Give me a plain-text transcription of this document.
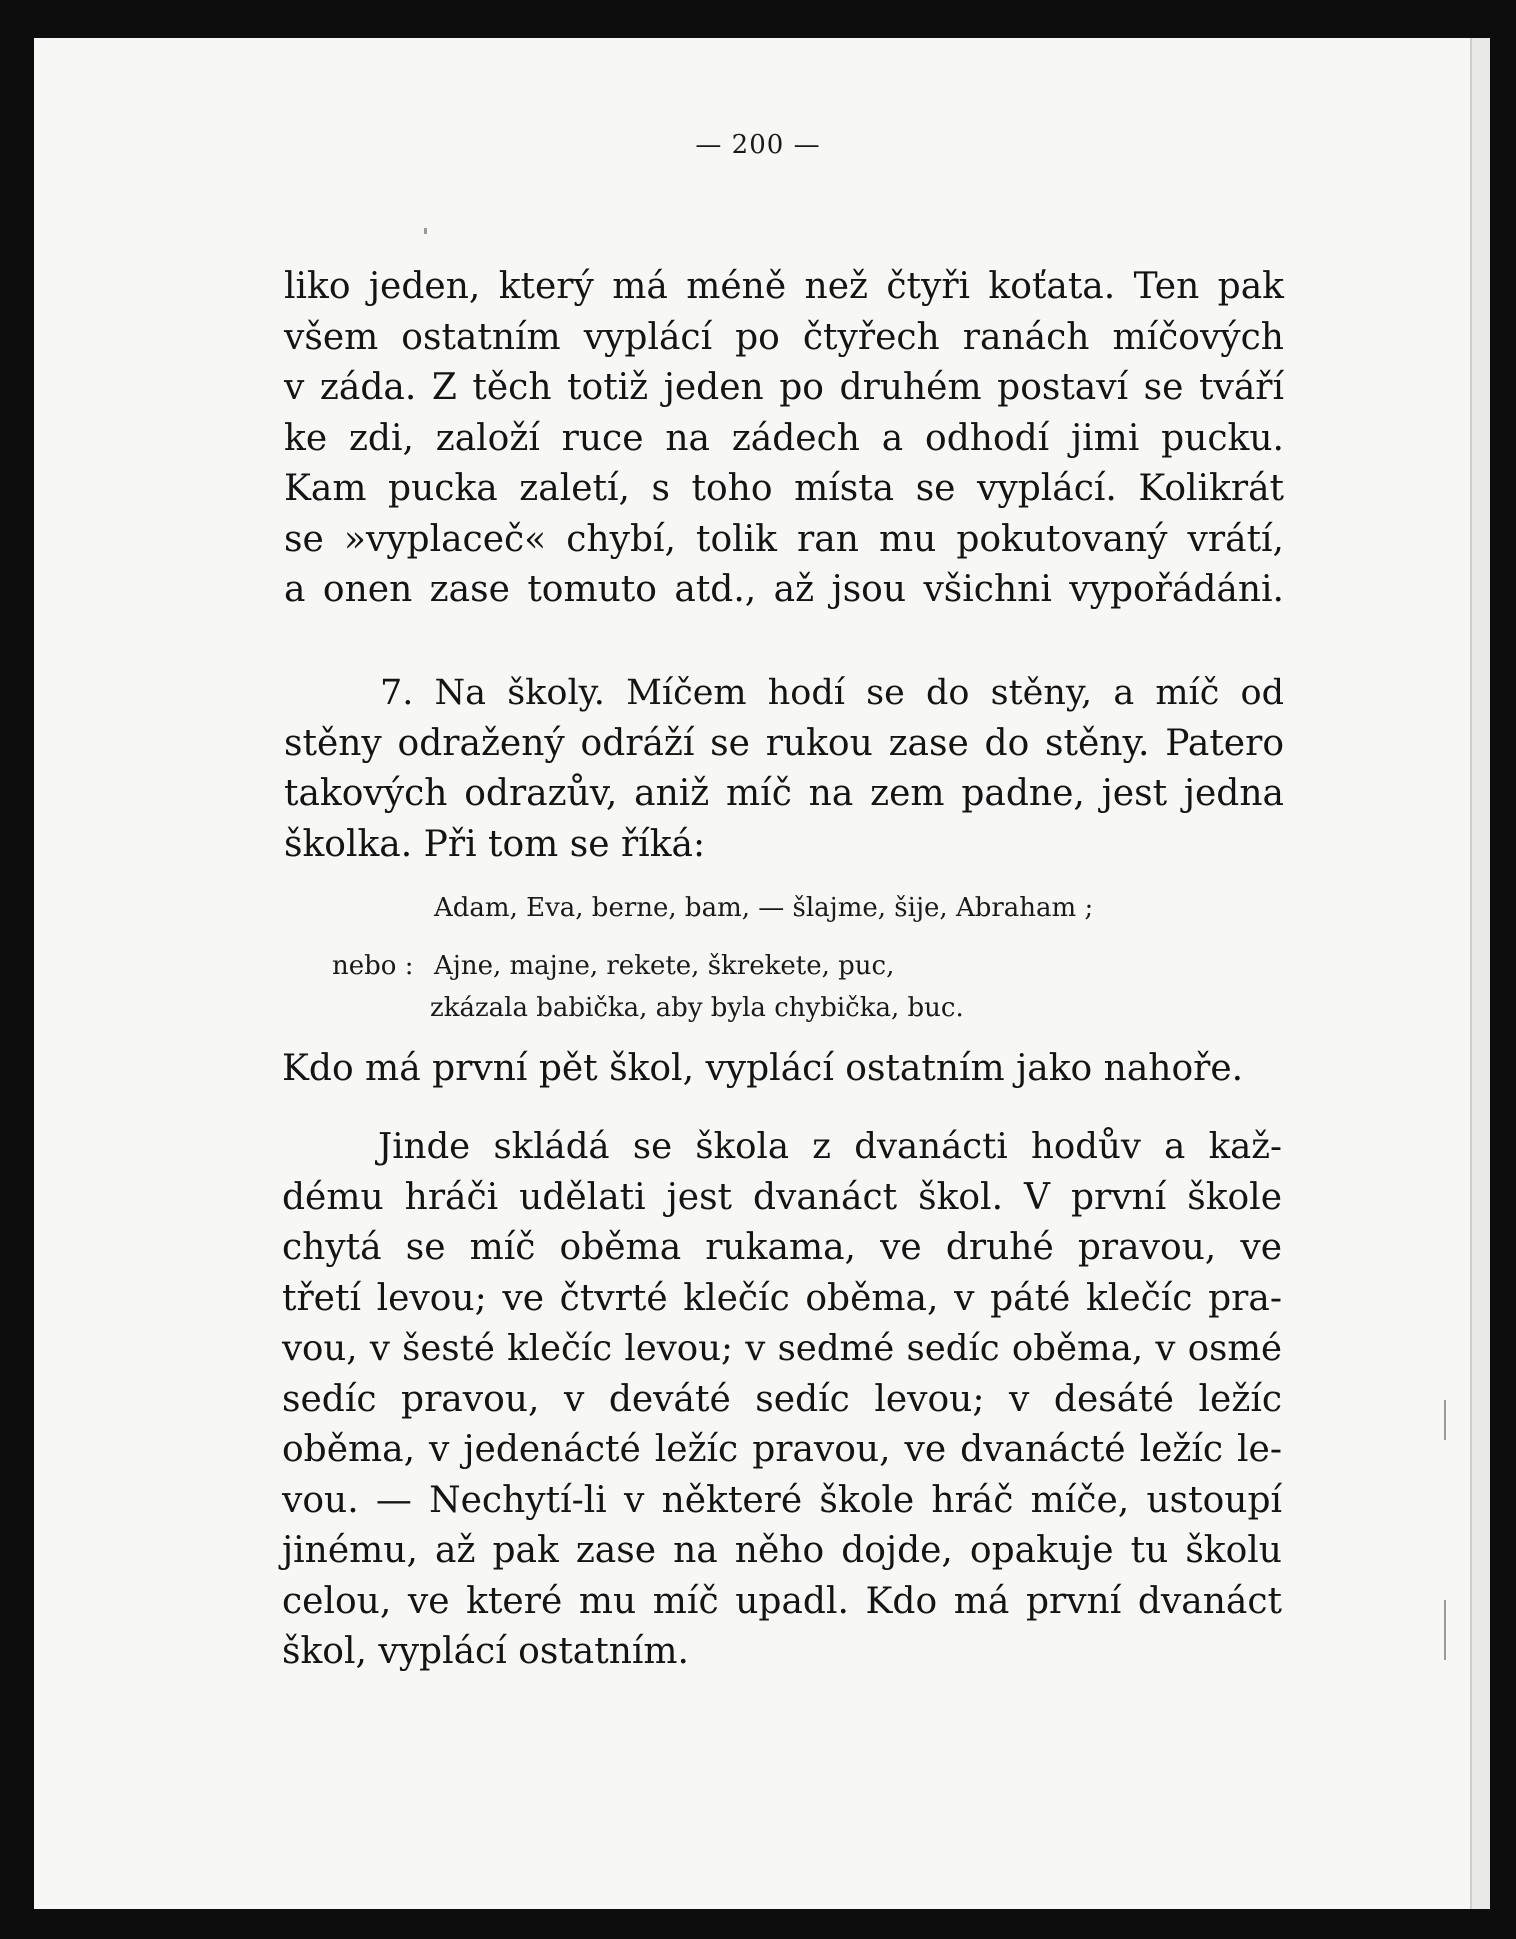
— 200 —
liko jeden, který má méně než čtyři koťata. Ten pak
všem ostatním vyplácí po čtyřech ranách míčových
v záda. Z těch totiž jeden po druhém postaví se tváří
ke zdi, založí ruce na zádech a odhodí jimi pucku.
Kam pucka zaletí, s toho místa se vyplácí. Kolikrát
se »vyplaceč« chybí, tolik ran mu pokutovaný vrátí,
a onen zase tomuto atd., až jsou všichni vypořádáni.
7. Na školy. Míčem hodí se do stěny, a míč od
stěny odražený odráží se rukou zase do stěny. Patero
takových odrazův, aniž míč na zem padne, jest jedna
školka. Při tom se říká:
Adam, Eva, berne, bam, — šlajme, šije, Abraham ;
nebo : Ajne, majne, rekete, škrekete, puc,
zkázala babička, aby byla chybička, buc.
Kdo má první pět škol, vyplácí ostatním jako nahoře.
Jinde skládá se škola z dvanácti hodův a kaž-
dému hráči udělati jest dvanáct škol. V první škole
chytá se míč oběma rukama, ve druhé pravou, ve
třetí levou; ve čtvrté klečíc oběma, v páté klečíc pra-
vou, v šesté klečíc levou; v sedmé sedíc oběma, v osmé
sedíc pravou, v deváté sedíc levou; v desáté ležíc
oběma, v jedenácté ležíc pravou, ve dvanácté ležíc le-
vou. — Nechytí-li v některé škole hráč míče, ustoupí
jinému, až pak zase na něho dojde, opakuje tu školu
celou, ve které mu míč upadl. Kdo má první dvanáct
škol, vyplácí ostatním.
